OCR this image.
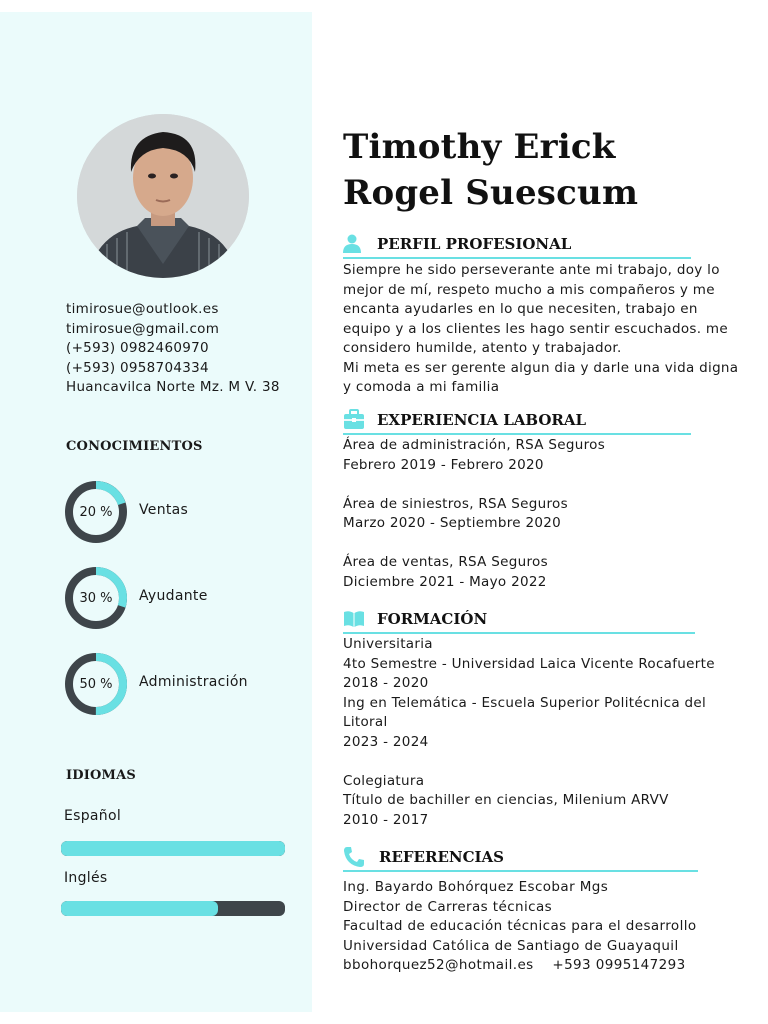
timirosue@outlook.es
timirosue@gmail.com
(+593) 0982460970
(+593) 0958704334
Huancavilca Norte Mz. M V. 38
CONOCIMIENTOS
20 %	Ventas
30 %	Ayudante
50 %	Administración
IDIOMAS
Español
Inglés
Timothy Erick
Rogel Suescum
PERFIL PROFESIONAL
Siempre he sido perseverante ante mi trabajo, doy lo mejor de mí, respeto mucho a mis compañeros y me encanta ayudarles en lo que necesiten, trabajo en equipo y a los clientes les hago sentir escuchados. me considero humilde, atento y trabajador.
Mi meta es ser gerente algun dia y darle una vida digna y comoda a mi familia
EXPERIENCIA LABORAL
Área de administración, RSA Seguros
Febrero 2019 - Febrero 2020
Área de siniestros, RSA Seguros
Marzo 2020 - Septiembre 2020
Área de ventas, RSA Seguros
Diciembre 2021 - Mayo 2022
FORMACIÓN
Universitaria
4to Semestre - Universidad Laica Vicente Rocafuerte
2018 - 2020
Ing en Telemática - Escuela Superior Politécnica del Litoral
2023 - 2024
Colegiatura
Título de bachiller en ciencias, Milenium ARVV
2010 - 2017
REFERENCIAS
Ing. Bayardo Bohórquez Escobar Mgs
Director de Carreras técnicas
Facultad de educación técnicas para el desarrollo
Universidad Católica de Santiago de Guayaquil
bbohorquez52@hotmail.es    +593 0995147293
